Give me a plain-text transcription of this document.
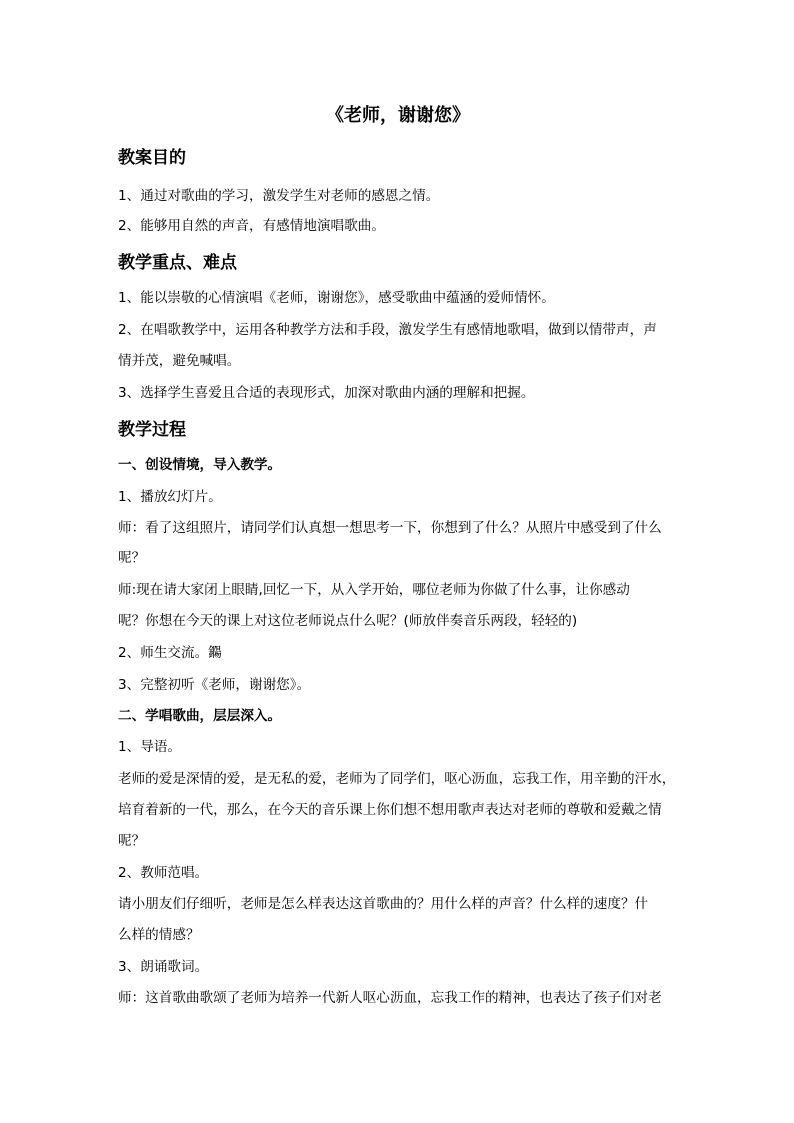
《老师，谢谢您》
教案目的
1、通过对歌曲的学习，激发学生对老师的感恩之情。
2、能够用自然的声音，有感情地演唱歌曲。
教学重点、难点
1、能以崇敬的心情演唱《老师，谢谢您》，感受歌曲中蕴涵的爱师情怀。
2、在唱歌教学中，运用各种教学方法和手段，激发学生有感情地歌唱，做到以情带声，声
情并茂，避免喊唱。
3、选择学生喜爱且合适的表现形式，加深对歌曲内涵的理解和把握。
教学过程
一、创设情境，导入教学。
1、播放幻灯片。
师：看了这组照片，请同学们认真想一想思考一下，你想到了什么？从照片中感受到了什么
呢？
师:现在请大家闭上眼睛,回忆一下，从入学开始，哪位老师为你做了什么事，让你感动
呢？你想在今天的课上对这位老师说点什么呢？(师放伴奏音乐两段，轻轻的)
2、师生交流。鐊
3、完整初听《老师，谢谢您》。
二、学唱歌曲，层层深入。
1、导语。
老师的爱是深情的爱，是无私的爱，老师为了同学们，呕心沥血，忘我工作，用辛勤的汗水，
培育着新的一代，那么，在今天的音乐课上你们想不想用歌声表达对老师的尊敬和爱戴之情
呢？
2、教师范唱。
请小朋友们仔细听，老师是怎么样表达这首歌曲的？用什么样的声音？什么样的速度？什
么样的情感？
3、朗诵歌词。
师：这首歌曲歌颂了老师为培养一代新人呕心沥血，忘我工作的精神，也表达了孩子们对老
